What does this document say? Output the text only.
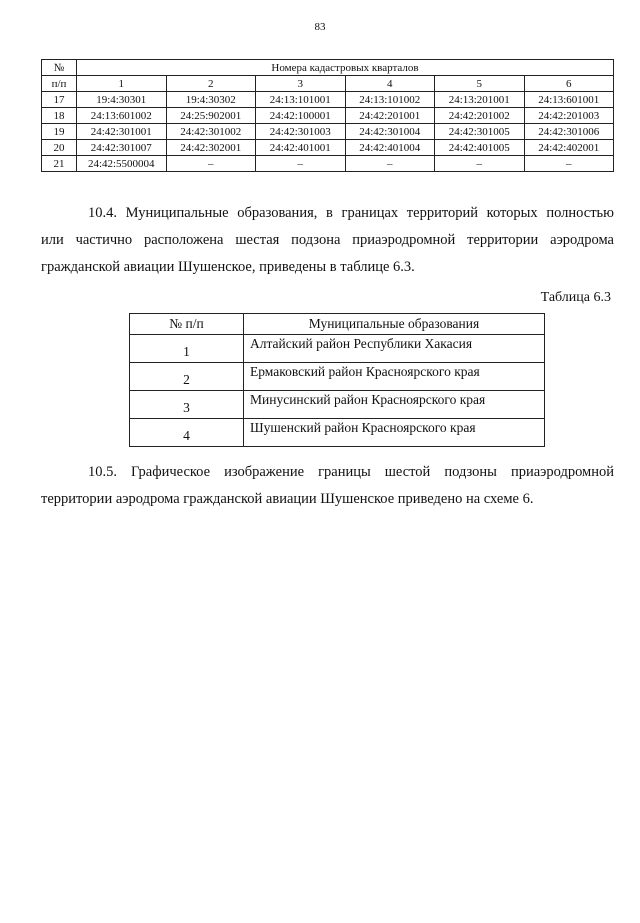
83
№	Номера кадастровых кварталов					
п/п	1	2	3	4	5	6
17	19:4:30301	19:4:30302	24:13:101001	24:13:101002	24:13:201001	24:13:601001
18	24:13:601002	24:25:902001	24:42:100001	24:42:201001	24:42:201002	24:42:201003
19	24:42:301001	24:42:301002	24:42:301003	24:42:301004	24:42:301005	24:42:301006
20	24:42:301007	24:42:302001	24:42:401001	24:42:401004	24:42:401005	24:42:402001
21	24:42:5500004	–	–	–	–	–
10.4. Муниципальные образования, в границах территорий которых полностью
или частично расположена шестая подзона приаэродромной территории аэродрома
гражданской авиации Шушенское, приведены в таблице 6.3.
Таблица 6.3
№ п/п	Муниципальные образования
1	Алтайский район Республики Хакасия
2	Ермаковский район Красноярского края
3	Минусинский район Красноярского края
4	Шушенский район Красноярского края
10.5. Графическое изображение границы шестой подзоны приаэродромной
территории аэродрома гражданской авиации Шушенское приведено на схеме 6.
